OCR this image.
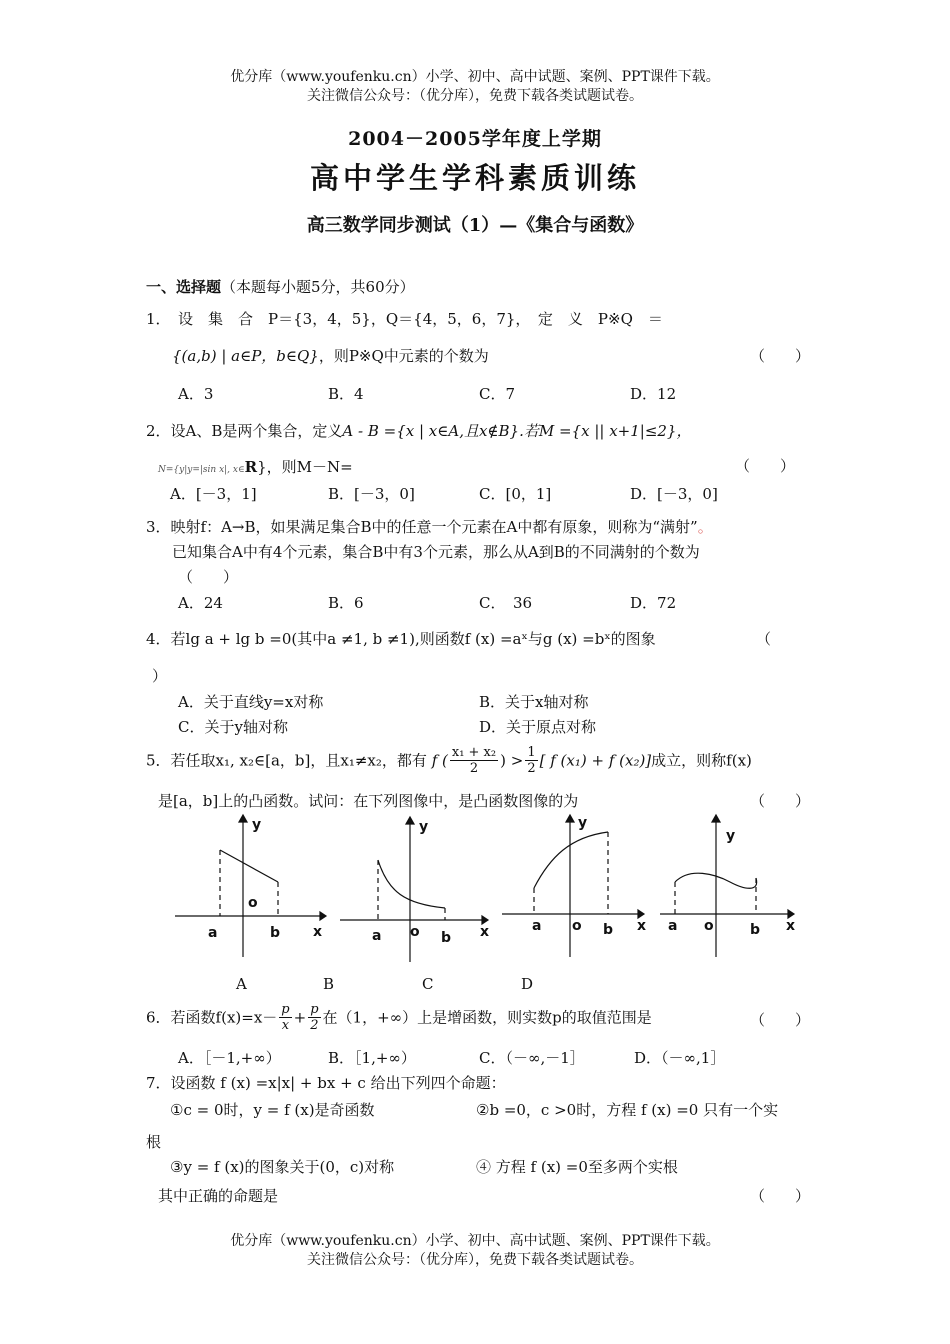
优分库（www.youfenku.cn）小学、初中、高中试题、案例、PPT课件下载。
关注微信公众号：（优分库），免费下载各类试题试卷。
2004－2005学年度上学期
高中学生学科素质训练
高三数学同步测试（1）—《集合与函数》
一、选择题（本题每小题5分，共60分）
1．　设　集　合　P＝{3，4，5}，Q＝{4，5，6，7}，　定　义　P※Q　＝
{(a,b) | a∈P，b∈Q}，则P※Q中元素的个数为	（　　）
A．3	B．4	C．7	D．12
2．设A、B是两个集合，定义A - B ={x | x∈A,且x∉B}.若M ={x || x+1|≤2}，
N={y|y=|sin x|, x∈R}，则M－N=	（　　）
A．[－3，1]	B．[－3，0]	C．[0，1]	D．[－3，0]
3．映射f：A→B，如果满足集合B中的任意一个元素在A中都有原象，则称为“满射”。
已知集合A中有4个元素，集合B中有3个元素，那么从A到B的不同满射的个数为
（　　）
A．24	B．6	C．　36	D．72
4．若lg a + lg b =0(其中a ≠1, b ≠1),则函数f (x) =aˣ与g (x) =bˣ的图象	（
）
A．关于直线y=x对称	B．关于x轴对称
C．关于y轴对称	D．关于原点对称
5．若任取x₁, x₂∈[a，b]，且x₁≠x₂，都有 f ( $\frac{\text{x₁ + x₂}}{2}$ ) > $\frac{1}{2}$ [ f (x₁) + f (x₂)]成立，则称f(x)
是[a，b]上的凸函数。试问：在下列图像中，是凸函数图像的为	（　　）
y
a
o
b x
y
a o b x
y
a o b x
y
a o	b x
A	B	C	D
6．若函数$f(x)=x- \frac{p}{x} + \frac{p}{2}$ 在（1，+∞）上是增函数，则实数p的取值范围是	（　　）
A．［－1,+∞）	B．［1,+∞）	C．（－∞,－1］	D．（－∞,1］
7．设函数 f (x) =x|x| + bx + c 给出下列四个命题：
①c = 0时，y = f (x)是奇函数	②b =0，c >0时，方程 f (x) =0 只有一个实
根
③y = f (x)的图象关于(0，c)对称	④ 方程 f (x) =0至多两个实根
其中正确的命题是	（　　）
优分库（www.youfenku.cn）小学、初中、高中试题、案例、PPT课件下载。
关注微信公众号：（优分库），免费下载各类试题试卷。
